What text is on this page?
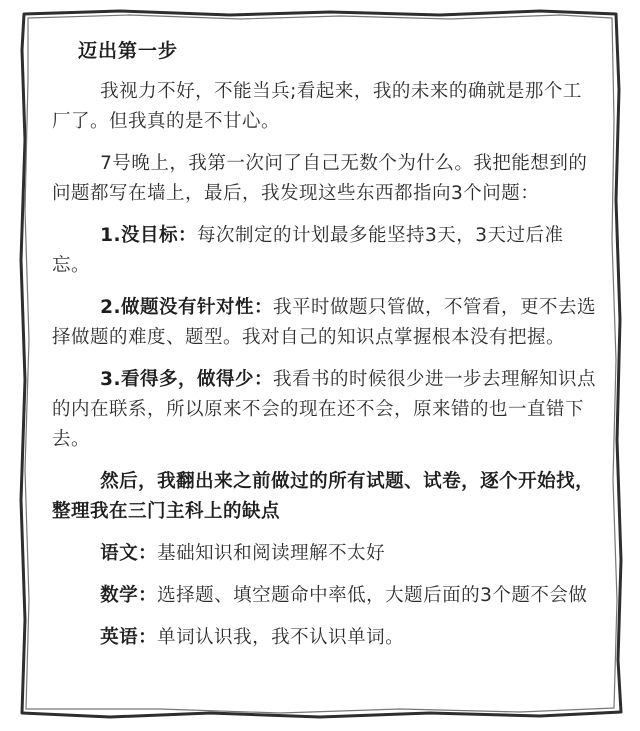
迈出第一步

我视力不好，不能当兵;看起来，我的未来的确就是那个工厂了。但我真的是不甘心。

7号晚上，我第一次问了自己无数个为什么。我把能想到的问题都写在墙上，最后，我发现这些东西都指向3个问题：

1.没目标：每次制定的计划最多能坚持3天，3天过后准忘。

2.做题没有针对性：我平时做题只管做，不管看，更不去选择做题的难度、题型。我对自己的知识点掌握根本没有把握。

3.看得多，做得少：我看书的时候很少进一步去理解知识点的内在联系，所以原来不会的现在还不会，原来错的也一直错下去。

然后，我翻出来之前做过的所有试题、试卷，逐个开始找，整理我在三门主科上的缺点

语文：基础知识和阅读理解不太好

数学：选择题、填空题命中率低，大题后面的3个题不会做

英语：单词认识我，我不认识单词。
